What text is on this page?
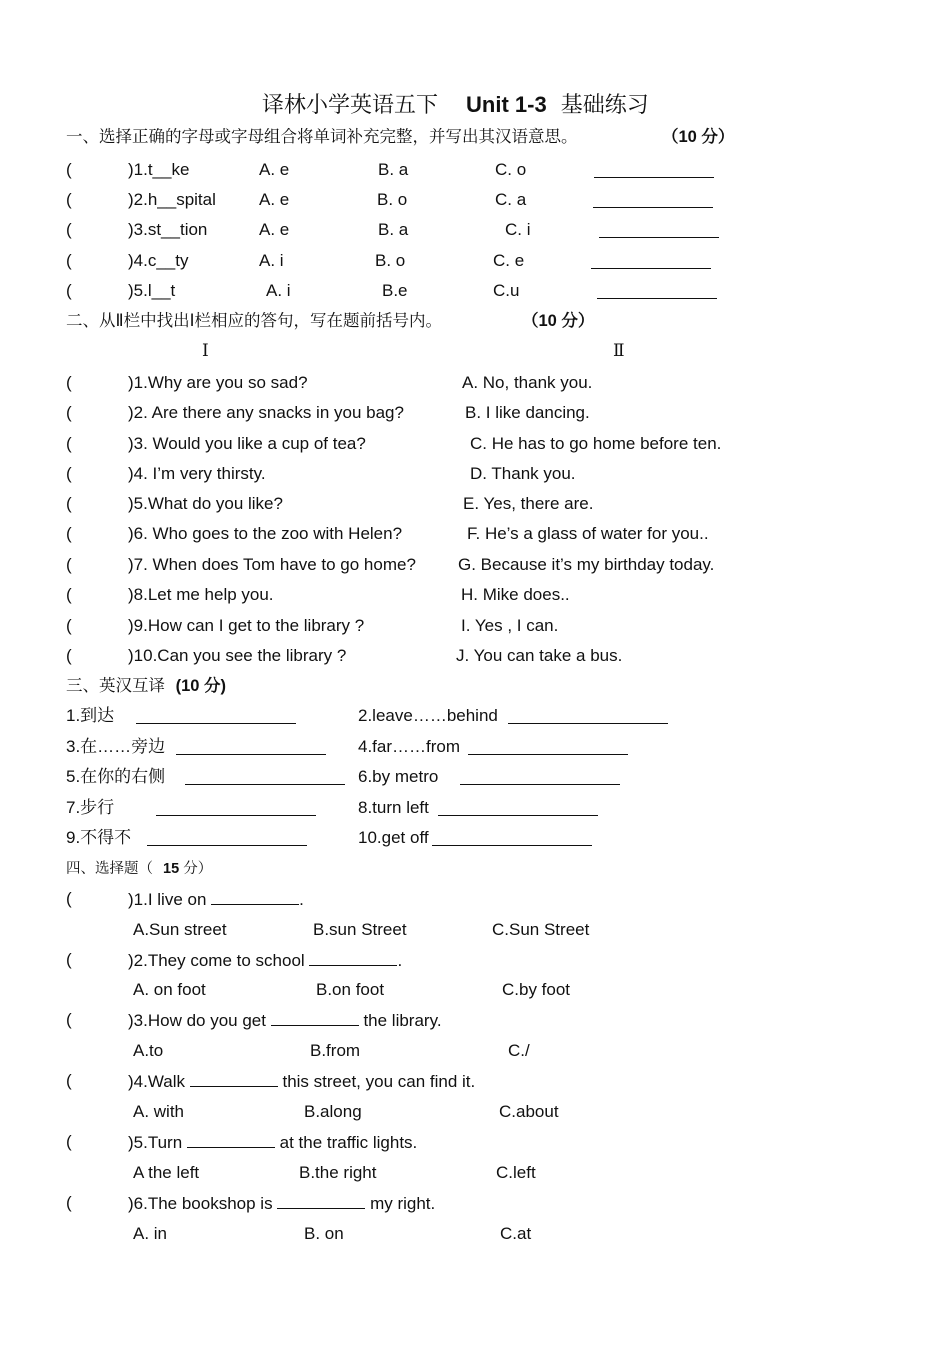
译林小学英语五下 Unit 1-3 基础练习
一、选择正确的字母或字母组合将单词补充完整，并写出其汉语意思。	（10 分）
(	)1.t__ke	A. e	B. a	C. o
(	)2.h__spital	A. e	B. o	C. a
(	)3.st__tion	A. e	B. a	C. i
(	)4.c__ty	A. i	B. o	C. e
(	)5.l__t	A. i	B.e	C.u
二、从Ⅱ栏中找出Ⅰ栏相应的答句，写在题前括号内。	（10 分）
Ⅰ	Ⅱ
(	)1.Why are you so sad?	A. No, thank you.
(	)2. Are there any snacks in you bag?	B. I like dancing.
(	)3. Would you like a cup of tea?	C. He has to go home before ten.
(	)4. I’m very thirsty.	D. Thank you.
(	)5.What do you like?	E. Yes, there are.
(	)6. Who goes to the zoo with Helen?	F. He’s a glass of water for you..
(	)7. When does Tom have to go home? G. Because it’s my birthday today.
(	)8.Let me help you.	H. Mike does..
(	)9.How can I get to the library ?	I. Yes , I can.
(	)10.Can you see the library ?	J. You can take a bus.
三、英汉互译 (10 分)
1.到达	2.leave……behind
3.在……旁边	4.far……from
5.在你的右侧	6.by metro
7.步行	8.turn left
9.不得不	10.get off
四、选择题（ 15 分）
(	)1.I live on	.
A.Sun street	B.sun Street	C.Sun Street
(	)2.They come to school	.
A. on foot	B.on foot	C.by foot
(	)3.How do you get	the library.
A.to	B.from	C./
(	)4.Walk	this street, you can find it.
A. with	B.along	C.about
(	)5.Turn	at the traffic lights.
A the left	B.the right	C.left
(	)6.The bookshop is	my right.
A. in	B. on	C.at
